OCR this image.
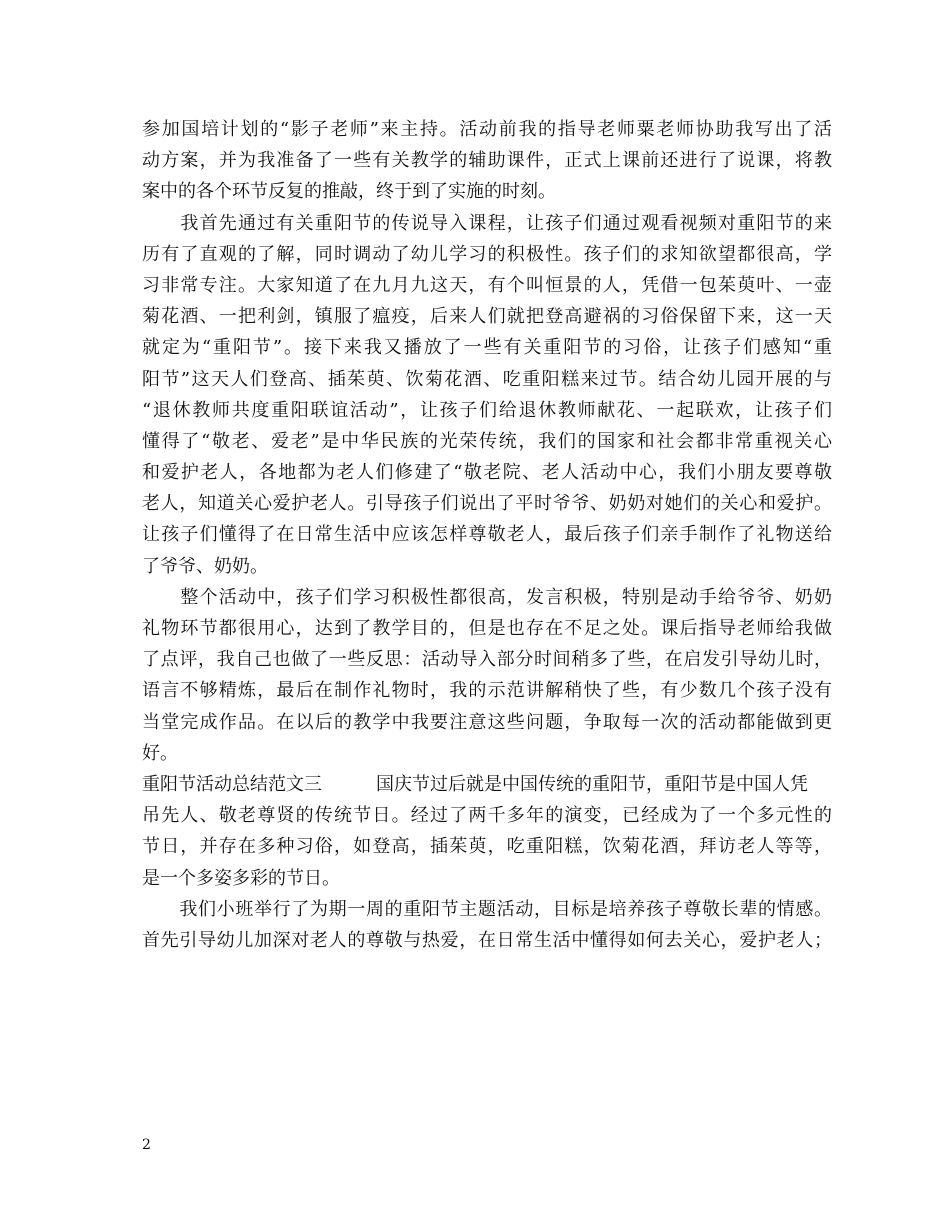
参加国培计划的“影子老师”来主持。活动前我的指导老师粟老师协助我写出了活
动方案，并为我准备了一些有关教学的辅助课件，正式上课前还进行了说课，将教
案中的各个环节反复的推敲，终于到了实施的时刻。
　　我首先通过有关重阳节的传说导入课程，让孩子们通过观看视频对重阳节的来
历有了直观的了解，同时调动了幼儿学习的积极性。孩子们的求知欲望都很高，学
习非常专注。大家知道了在九月九这天，有个叫恒景的人，凭借一包茱萸叶、一壶
菊花酒、一把利剑，镇服了瘟疫，后来人们就把登高避祸的习俗保留下来，这一天
就定为“重阳节”。接下来我又播放了一些有关重阳节的习俗，让孩子们感知“重
阳节”这天人们登高、插茱萸、饮菊花酒、吃重阳糕来过节。结合幼儿园开展的与
“退休教师共度重阳联谊活动”，让孩子们给退休教师献花、一起联欢，让孩子们
懂得了“敬老、爱老”是中华民族的光荣传统，我们的国家和社会都非常重视关心
和爱护老人，各地都为老人们修建了“敬老院、老人活动中心，我们小朋友要尊敬
老人，知道关心爱护老人。引导孩子们说出了平时爷爷、奶奶对她们的关心和爱护。
让孩子们懂得了在日常生活中应该怎样尊敬老人，最后孩子们亲手制作了礼物送给
了爷爷、奶奶。
　　整个活动中，孩子们学习积极性都很高，发言积极，特别是动手给爷爷、奶奶
礼物环节都很用心，达到了教学目的，但是也存在不足之处。课后指导老师给我做
了点评，我自己也做了一些反思：活动导入部分时间稍多了些，在启发引导幼儿时，
语言不够精炼，最后在制作礼物时，我的示范讲解稍快了些，有少数几个孩子没有
当堂完成作品。在以后的教学中我要注意这些问题，争取每一次的活动都能做到更
好。
重阳节活动总结范文三　　　国庆节过后就是中国传统的重阳节，重阳节是中国人凭
吊先人、敬老尊贤的传统节日。经过了两千多年的演变，已经成为了一个多元性的
节日，并存在多种习俗，如登高，插茱萸，吃重阳糕，饮菊花酒，拜访老人等等，
是一个多姿多彩的节日。
　　我们小班举行了为期一周的重阳节主题活动，目标是培养孩子尊敬长辈的情感。
首先引导幼儿加深对老人的尊敬与热爱，在日常生活中懂得如何去关心，爱护老人；
2
